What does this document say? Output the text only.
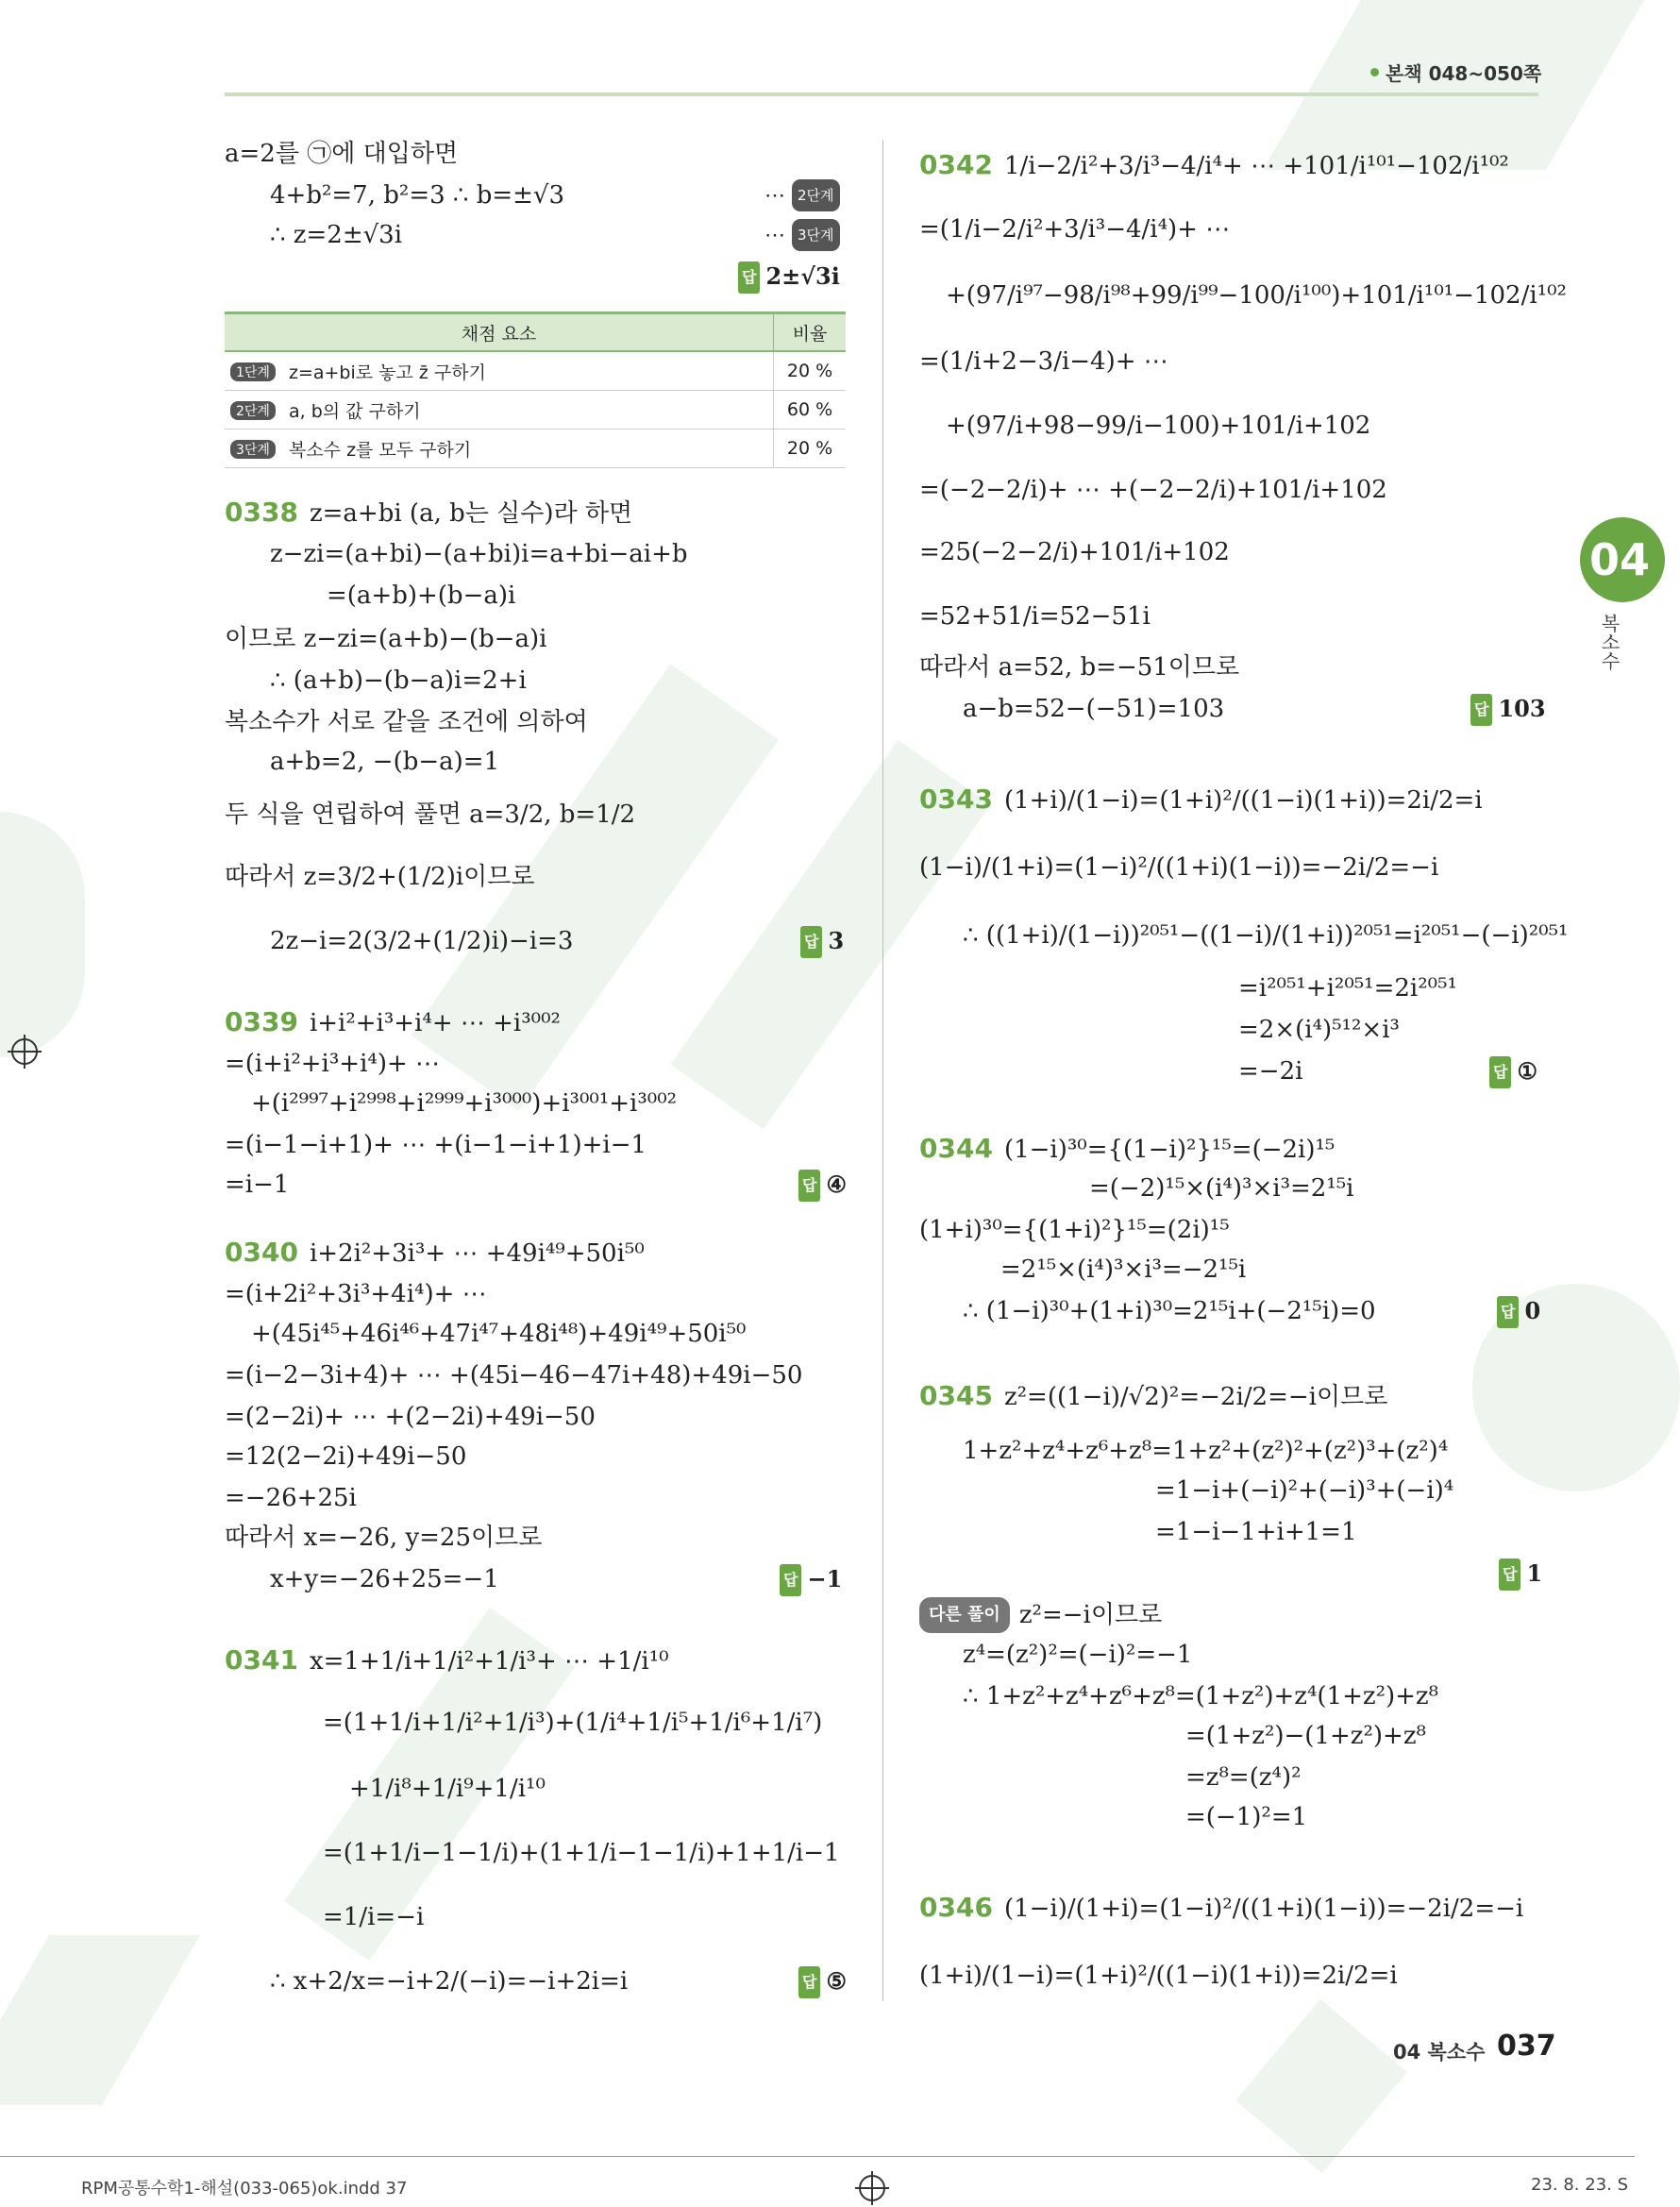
본책 048~050쪽
04
복소수
a=2를 ㉠에 대입하면
4+b²=7, b²=3 ∴ b=±√3	⋯ 2단계
∴ z=2±√3i	⋯ 3단계
답 2±√3i
채점 요소	비율
1단계 z=a+bi로 놓고 z̄ 구하기	20 %
2단계 a, b의 값 구하기	60 %
3단계 복소수 z를 모두 구하기	20 %
0338 z=a+bi (a, b는 실수)라 하면
z−zi=(a+bi)−(a+bi)i=a+bi−ai+b
=(a+b)+(b−a)i
이므로 z−zi=(a+b)−(b−a)i
∴ (a+b)−(b−a)i=2+i
복소수가 서로 같을 조건에 의하여
a+b=2, −(b−a)=1
두 식을 연립하여 풀면 a=3/2, b=1/2
따라서 z=3/2+(1/2)i이므로
2z−i=2(3/2+(1/2)i)−i=3	답 3
0339 i+i²+i³+i⁴+ ⋯ +i³⁰⁰²
=(i+i²+i³+i⁴)+ ⋯
+(i²⁹⁹⁷+i²⁹⁹⁸+i²⁹⁹⁹+i³⁰⁰⁰)+i³⁰⁰¹+i³⁰⁰²
=(i−1−i+1)+ ⋯ +(i−1−i+1)+i−1
=i−1	답 ④
0340 i+2i²+3i³+ ⋯ +49i⁴⁹+50i⁵⁰
=(i+2i²+3i³+4i⁴)+ ⋯
+(45i⁴⁵+46i⁴⁶+47i⁴⁷+48i⁴⁸)+49i⁴⁹+50i⁵⁰
=(i−2−3i+4)+ ⋯ +(45i−46−47i+48)+49i−50
=(2−2i)+ ⋯ +(2−2i)+49i−50
=12(2−2i)+49i−50
=−26+25i
따라서 x=−26, y=25이므로
x+y=−26+25=−1	답 −1
0341 x=1+1/i+1/i²+1/i³+ ⋯ +1/i¹⁰
=(1+1/i+1/i²+1/i³)+(1/i⁴+1/i⁵+1/i⁶+1/i⁷)
+1/i⁸+1/i⁹+1/i¹⁰
=(1+1/i−1−1/i)+(1+1/i−1−1/i)+1+1/i−1
=1/i=−i
∴ x+2/x=−i+2/(−i)=−i+2i=i	답 ⑤
0342 1/i−2/i²+3/i³−4/i⁴+ ⋯ +101/i¹⁰¹−102/i¹⁰²
=(1/i−2/i²+3/i³−4/i⁴)+ ⋯
+(97/i⁹⁷−98/i⁹⁸+99/i⁹⁹−100/i¹⁰⁰)+101/i¹⁰¹−102/i¹⁰²
=(1/i+2−3/i−4)+ ⋯
+(97/i+98−99/i−100)+101/i+102
=(−2−2/i)+ ⋯ +(−2−2/i)+101/i+102
=25(−2−2/i)+101/i+102
=52+51/i=52−51i
따라서 a=52, b=−51이므로
a−b=52−(−51)=103	답 103
0343 (1+i)/(1−i)=(1+i)²/((1−i)(1+i))=2i/2=i
(1−i)/(1+i)=(1−i)²/((1+i)(1−i))=−2i/2=−i
∴ ((1+i)/(1−i))²⁰⁵¹−((1−i)/(1+i))²⁰⁵¹=i²⁰⁵¹−(−i)²⁰⁵¹
=i²⁰⁵¹+i²⁰⁵¹=2i²⁰⁵¹
=2×(i⁴)⁵¹²×i³
=−2i	답 ①
0344 (1−i)³⁰={(1−i)²}¹⁵=(−2i)¹⁵
=(−2)¹⁵×(i⁴)³×i³=2¹⁵i
(1+i)³⁰={(1+i)²}¹⁵=(2i)¹⁵
=2¹⁵×(i⁴)³×i³=−2¹⁵i
∴ (1−i)³⁰+(1+i)³⁰=2¹⁵i+(−2¹⁵i)=0	답 0
0345 z²=((1−i)/√2)²=−2i/2=−i이므로
1+z²+z⁴+z⁶+z⁸=1+z²+(z²)²+(z²)³+(z²)⁴
=1−i+(−i)²+(−i)³+(−i)⁴
=1−i−1+i+1=1
답 1
다른 풀이 z²=−i이므로
z⁴=(z²)²=(−i)²=−1
∴ 1+z²+z⁴+z⁶+z⁸=(1+z²)+z⁴(1+z²)+z⁸
=(1+z²)−(1+z²)+z⁸
=z⁸=(z⁴)²
=(−1)²=1
0346 (1−i)/(1+i)=(1−i)²/((1+i)(1−i))=−2i/2=−i
(1+i)/(1−i)=(1+i)²/((1−i)(1+i))=2i/2=i
04 복소수 037
RPM공통수학1-해설(033-065)ok.indd 37	23. 8. 23. S
